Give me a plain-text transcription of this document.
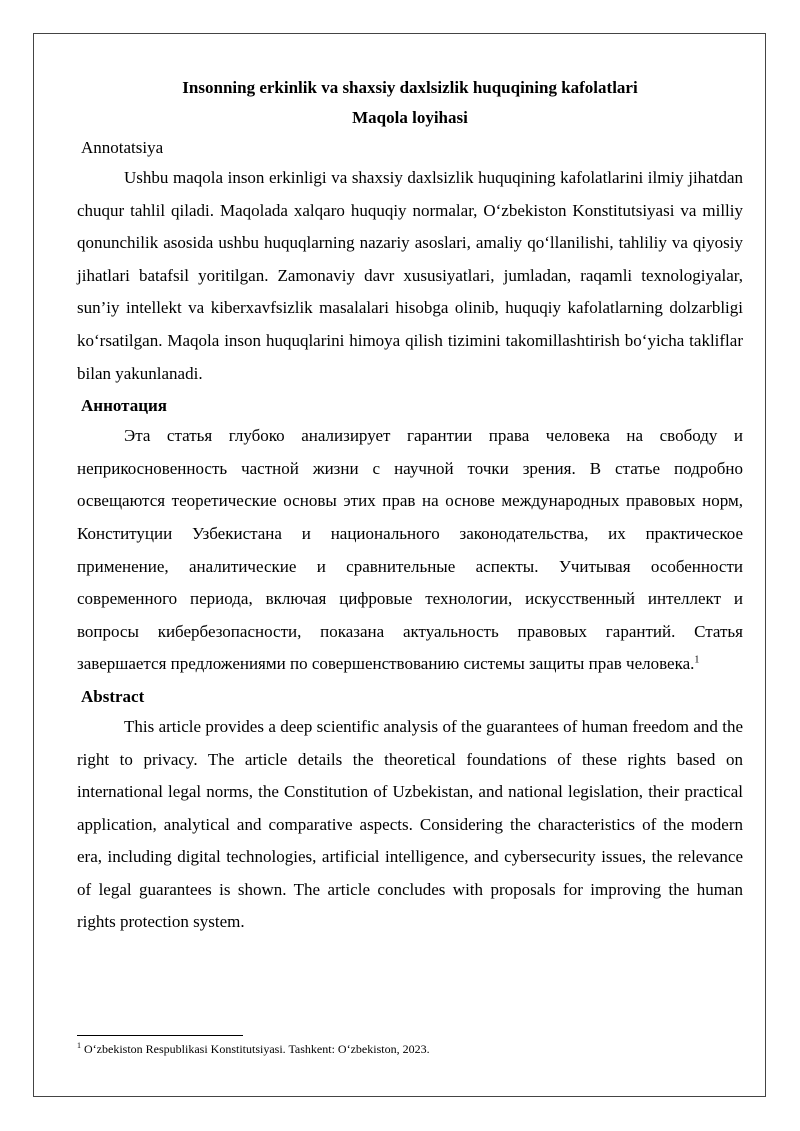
Insonning erkinlik va shaxsiy daxlsizlik huquqining kafolatlari

Maqola loyihasi

Annotatsiya

Ushbu maqola inson erkinligi va shaxsiy daxlsizlik huquqining kafolatlarini ilmiy jihatdan chuqur tahlil qiladi. Maqolada xalqaro huquqiy normalar, O‘zbekiston Konstitutsiyasi va milliy qonunchilik asosida ushbu huquqlarning nazariy asoslari, amaliy qo‘llanilishi, tahliliy va qiyosiy jihatlari batafsil yoritilgan. Zamonaviy davr xususiyatlari, jumladan, raqamli texnologiyalar, sun’iy intellekt va kiberxavfsizlik masalalari hisobga olinib, huquqiy kafolatlarning dolzarbligi ko‘rsatilgan. Maqola inson huquqlarini himoya qilish tizimini takomillashtirish bo‘yicha takliflar bilan yakunlanadi.

Аннотация

Эта статья глубоко анализирует гарантии права человека на свободу и неприкосновенность частной жизни с научной точки зрения. В статье подробно освещаются теоретические основы этих прав на основе международных правовых норм, Конституции Узбекистана и национального законодательства, их практическое применение, аналитические и сравнительные аспекты. Учитывая особенности современного периода, включая цифровые технологии, искусственный интеллект и вопросы кибербезопасности, показана актуальность правовых гарантий. Статья завершается предложениями по совершенствованию системы защиты прав человека.$^1$

Abstract

This article provides a deep scientific analysis of the guarantees of human freedom and the right to privacy. The article details the theoretical foundations of these rights based on international legal norms, the Constitution of Uzbekistan, and national legislation, their practical application, analytical and comparative aspects. Considering the characteristics of the modern era, including digital technologies, artificial intelligence, and cybersecurity issues, the relevance of legal guarantees is shown. The article concludes with proposals for improving the human rights protection system.

$^1$ O‘zbekiston Respublikasi Konstitutsiyasi. Tashkent: O‘zbekiston, 2023.
